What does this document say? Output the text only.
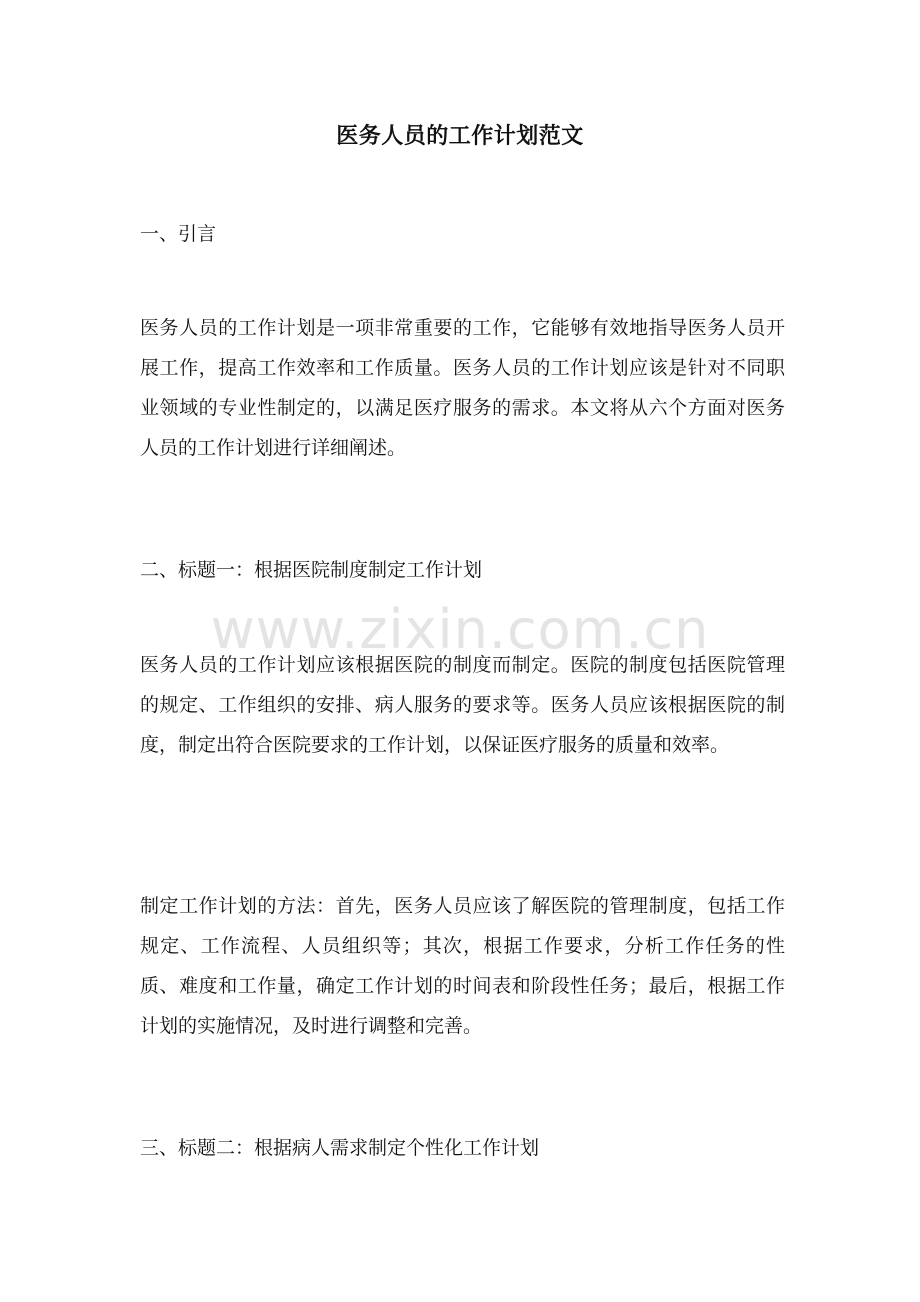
医务人员的工作计划范文
一、引言
医务人员的工作计划是一项非常重要的工作，它能够有效地指导医务人员开展工作，提高工作效率和工作质量。医务人员的工作计划应该是针对不同职业领域的专业性制定的，以满足医疗服务的需求。本文将从六个方面对医务人员的工作计划进行详细阐述。
二、标题一：根据医院制度制定工作计划
医务人员的工作计划应该根据医院的制度而制定。医院的制度包括医院管理的规定、工作组织的安排、病人服务的要求等。医务人员应该根据医院的制度，制定出符合医院要求的工作计划，以保证医疗服务的质量和效率。
制定工作计划的方法：首先，医务人员应该了解医院的管理制度，包括工作规定、工作流程、人员组织等；其次，根据工作要求，分析工作任务的性质、难度和工作量，确定工作计划的时间表和阶段性任务；最后，根据工作计划的实施情况，及时进行调整和完善。
三、标题二：根据病人需求制定个性化工作计划
www.zixin.com.cn
